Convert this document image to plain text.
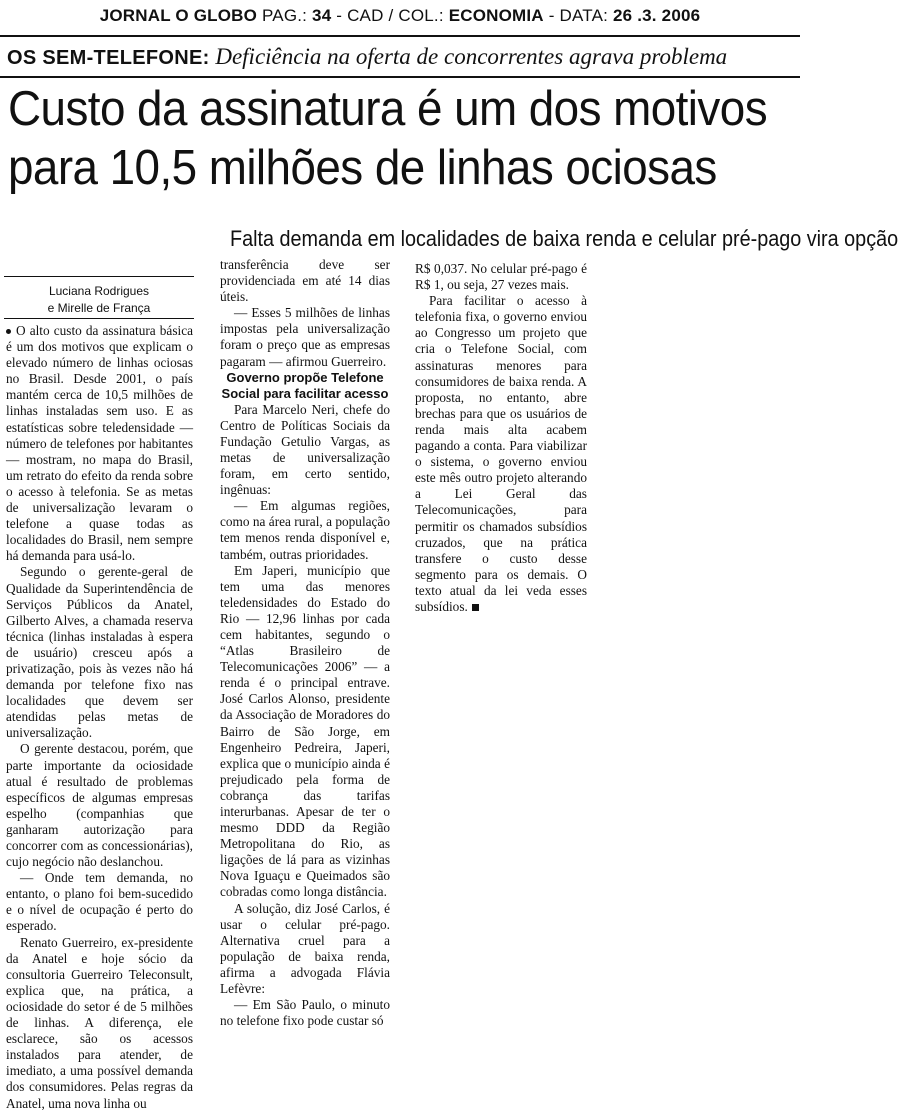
JORNAL O GLOBO PAG.: 34 - CAD / COL.: ECONOMIA - DATA: 26 .3. 2006
OS SEM-TELEFONE: Deficiência na oferta de concorrentes agrava problema
Custo da assinatura é um dos motivos
para 10,5 milhões de linhas ociosas
Falta demanda em localidades de baixa renda e celular pré-pago vira opção
Luciana Rodrigues
e Mirelle de França

O alto custo da assinatura básica é um dos motivos que explicam o elevado número de linhas ociosas no Brasil. Desde 2001, o país mantém cerca de 10,5 milhões de linhas instaladas sem uso. E as estatísticas sobre teledensidade — número de telefones por habitantes — mostram, no mapa do Brasil, um retrato do efeito da renda sobre o acesso à telefonia. Se as metas de universalização levaram o telefone a quase todas as localidades do Brasil, nem sempre há demanda para usá-lo.

Segundo o gerente-geral de Qualidade da Superintendência de Serviços Públicos da Anatel, Gilberto Alves, a chamada reserva técnica (linhas instaladas à espera de usuário) cresceu após a privatização, pois às vezes não há demanda por telefone fixo nas localidades que devem ser atendidas pelas metas de universalização.

O gerente destacou, porém, que parte importante da ociosidade atual é resultado de problemas específicos de algumas empresas espelho (companhias que ganharam autorização para concorrer com as concessionárias), cujo negócio não deslanchou.

— Onde tem demanda, no entanto, o plano foi bem-sucedido e o nível de ocupação é perto do esperado.

Renato Guerreiro, ex-presidente da Anatel e hoje sócio da consultoria Guerreiro Teleconsult, explica que, na prática, a ociosidade do setor é de 5 milhões de linhas. A diferença, ele esclarece, são os acessos instalados para atender, de imediato, a uma possível demanda dos consumidores. Pelas regras da Anatel, uma nova linha ou

transferência deve ser providenciada em até 14 dias úteis.

— Esses 5 milhões de linhas impostas pela universalização foram o preço que as empresas pagaram — afirmou Guerreiro.

Governo propõe Telefone
Social para facilitar acesso

Para Marcelo Neri, chefe do Centro de Políticas Sociais da Fundação Getulio Vargas, as metas de universalização foram, em certo sentido, ingênuas:

— Em algumas regiões, como na área rural, a população tem menos renda disponível e, também, outras prioridades.

Em Japeri, município que tem uma das menores teledensidades do Estado do Rio — 12,96 linhas por cada cem habitantes, segundo o “Atlas Brasileiro de Telecomunicações 2006” — a renda é o principal entrave. José Carlos Alonso, presidente da Associação de Moradores do Bairro de São Jorge, em Engenheiro Pedreira, Japeri, explica que o município ainda é prejudicado pela forma de cobrança das tarifas interurbanas. Apesar de ter o mesmo DDD da Região Metropolitana do Rio, as ligações de lá para as vizinhas Nova Iguaçu e Queimados são cobradas como longa distância.

A solução, diz José Carlos, é usar o celular pré-pago. Alternativa cruel para a população de baixa renda, afirma a advogada Flávia Lefèvre:

— Em São Paulo, o minuto no telefone fixo pode custar só

R$ 0,037. No celular pré-pago é R$ 1, ou seja, 27 vezes mais.

Para facilitar o acesso à telefonia fixa, o governo enviou ao Congresso um projeto que cria o Telefone Social, com assinaturas menores para consumidores de baixa renda. A proposta, no entanto, abre brechas para que os usuários de renda mais alta acabem pagando a conta. Para viabilizar o sistema, o governo enviou este mês outro projeto alterando a Lei Geral das Telecomunicações, para permitir os chamados subsídios cruzados, que na prática transfere o custo desse segmento para os demais. O texto atual da lei veda esses subsídios.
